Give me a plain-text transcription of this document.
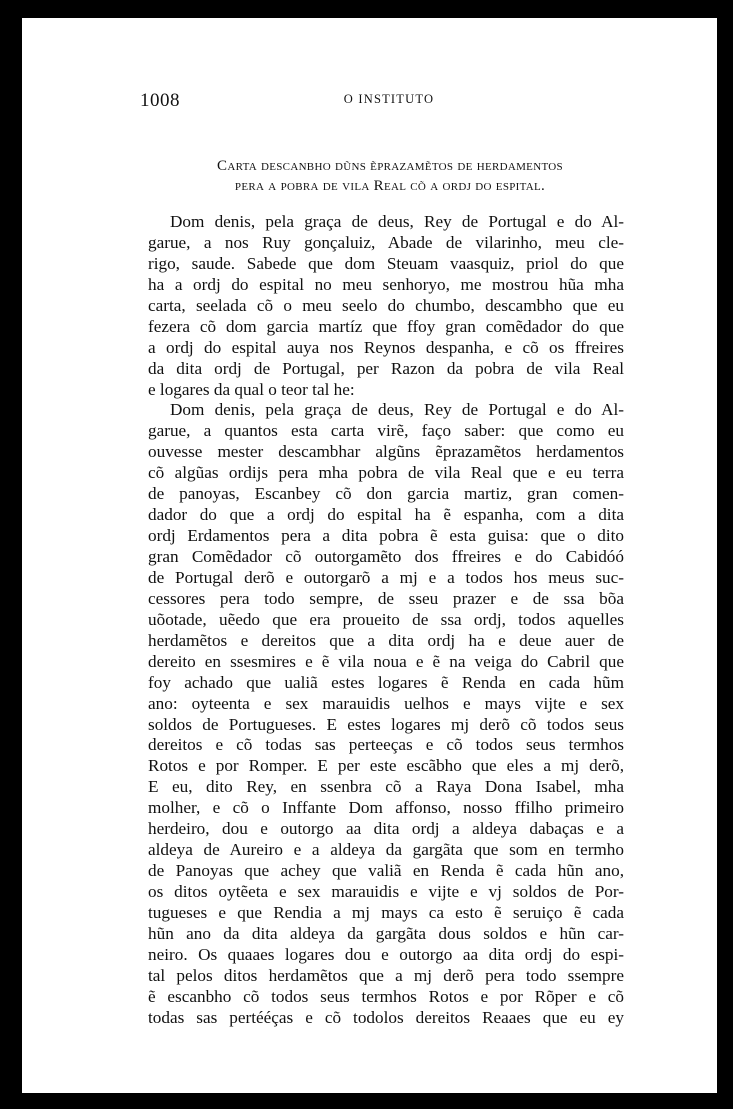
1008	O INSTITUTO
Carta descanbho dũns ẽprazamẽtos de herdamentos
pera a pobra de vila Real cõ a ordj do espital.
Dom denis, pela graça de deus, Rey de Portugal e do Al-
garue, a nos Ruy gonçaluiz, Abade de vilarinho, meu cle-
rigo, saude. Sabede que dom Steuam vaasquiz, priol do que
ha a ordj do espital no meu senhoryo, me mostrou hũa mha
carta, seelada cõ o meu seelo do chumbo, descambho que eu
fezera cõ dom garcia martíz que ffoy gran comẽdador do que
a ordj do espital auya nos Reynos despanha, e cõ os ffreires
da dita ordj de Portugal, per Razon da pobra de vila Real
e logares da qual o teor tal he:
Dom denis, pela graça de deus, Rey de Portugal e do Al-
garue, a quantos esta carta virẽ, faço saber: que como eu
ouvesse mester descambhar algũns ẽprazamẽtos herdamentos
cõ algũas ordijs pera mha pobra de vila Real que e eu terra
de panoyas, Escanbey cõ don garcia martiz, gran comen-
dador do que a ordj do espital ha ẽ espanha, com a dita
ordj Erdamentos pera a dita pobra ẽ esta guisa: que o dito
gran Comẽdador cõ outorgamẽto dos ffreires e do Cabidóó
de Portugal derõ e outorgarõ a mj e a todos hos meus suc-
cessores pera todo sempre, de sseu prazer e de ssa bõa
uõotade, uẽedo que era proueito de ssa ordj, todos aquelles
herdamẽtos e dereitos que a dita ordj ha e deue auer de
dereito en ssesmires e ẽ vila noua e ẽ na veiga do Cabril que
foy achado que ualiã estes logares ẽ Renda en cada hũm
ano: oyteenta e sex marauidis uelhos e mays vijte e sex
soldos de Portugueses. E estes logares mj derõ cõ todos seus
dereitos e cõ todas sas perteeças e cõ todos seus termhos
Rotos e por Romper. E per este escãbho que eles a mj derõ,
E eu, dito Rey, en ssenbra cõ a Raya Dona Isabel, mha
molher, e cõ o Inffante Dom affonso, nosso ffilho primeiro
herdeiro, dou e outorgo aa dita ordj a aldeya dabaças e a
aldeya de Aureiro e a aldeya da gargãta que som en termho
de Panoyas que achey que valiã en Renda ẽ cada hũn ano,
os ditos oytẽeta e sex marauidis e vijte e vj soldos de Por-
tugueses e que Rendia a mj mays ca esto ẽ seruiço ẽ cada
hũn ano da dita aldeya da gargãta dous soldos e hũn car-
neiro. Os quaaes logares dou e outorgo aa dita ordj do espi-
tal pelos ditos herdamẽtos que a mj derõ pera todo ssempre
ẽ escanbho cõ todos seus termhos Rotos e por Rõper e cõ
todas sas pertééças e cõ todolos dereitos Reaaes que eu ey
